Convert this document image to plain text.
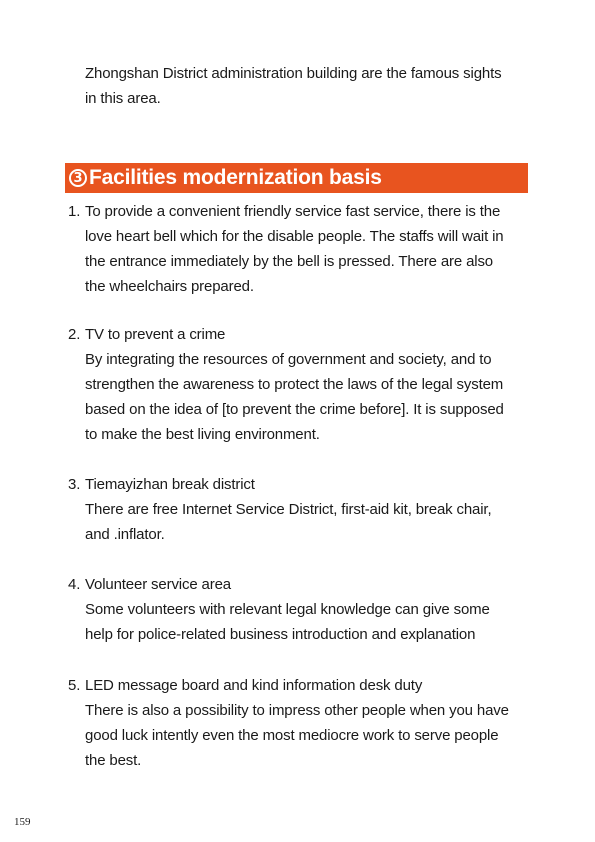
Zhongshan District administration building are the famous sights
in this area.
3 Facilities modernization basis
1. To provide a convenient friendly service fast service, there is the
love heart bell which for the disable people. The staffs will wait in
the entrance immediately by the bell is pressed. There are also
the wheelchairs prepared.
2. TV to prevent a crime
By integrating the resources of government and society, and to
strengthen the awareness to protect the laws of the legal system
based on the idea of [to prevent the crime before]. It is supposed
to make the best living environment.
3. Tiemayizhan break district
There are free Internet Service District, first-aid kit, break chair,
and .inflator.
4. Volunteer service area
Some volunteers with relevant legal knowledge can give some
help for police-related business introduction and explanation
5. LED message board and kind information desk duty
There is also a possibility to impress other people when you have
good luck intently even the most mediocre work to serve people
the best.
159
